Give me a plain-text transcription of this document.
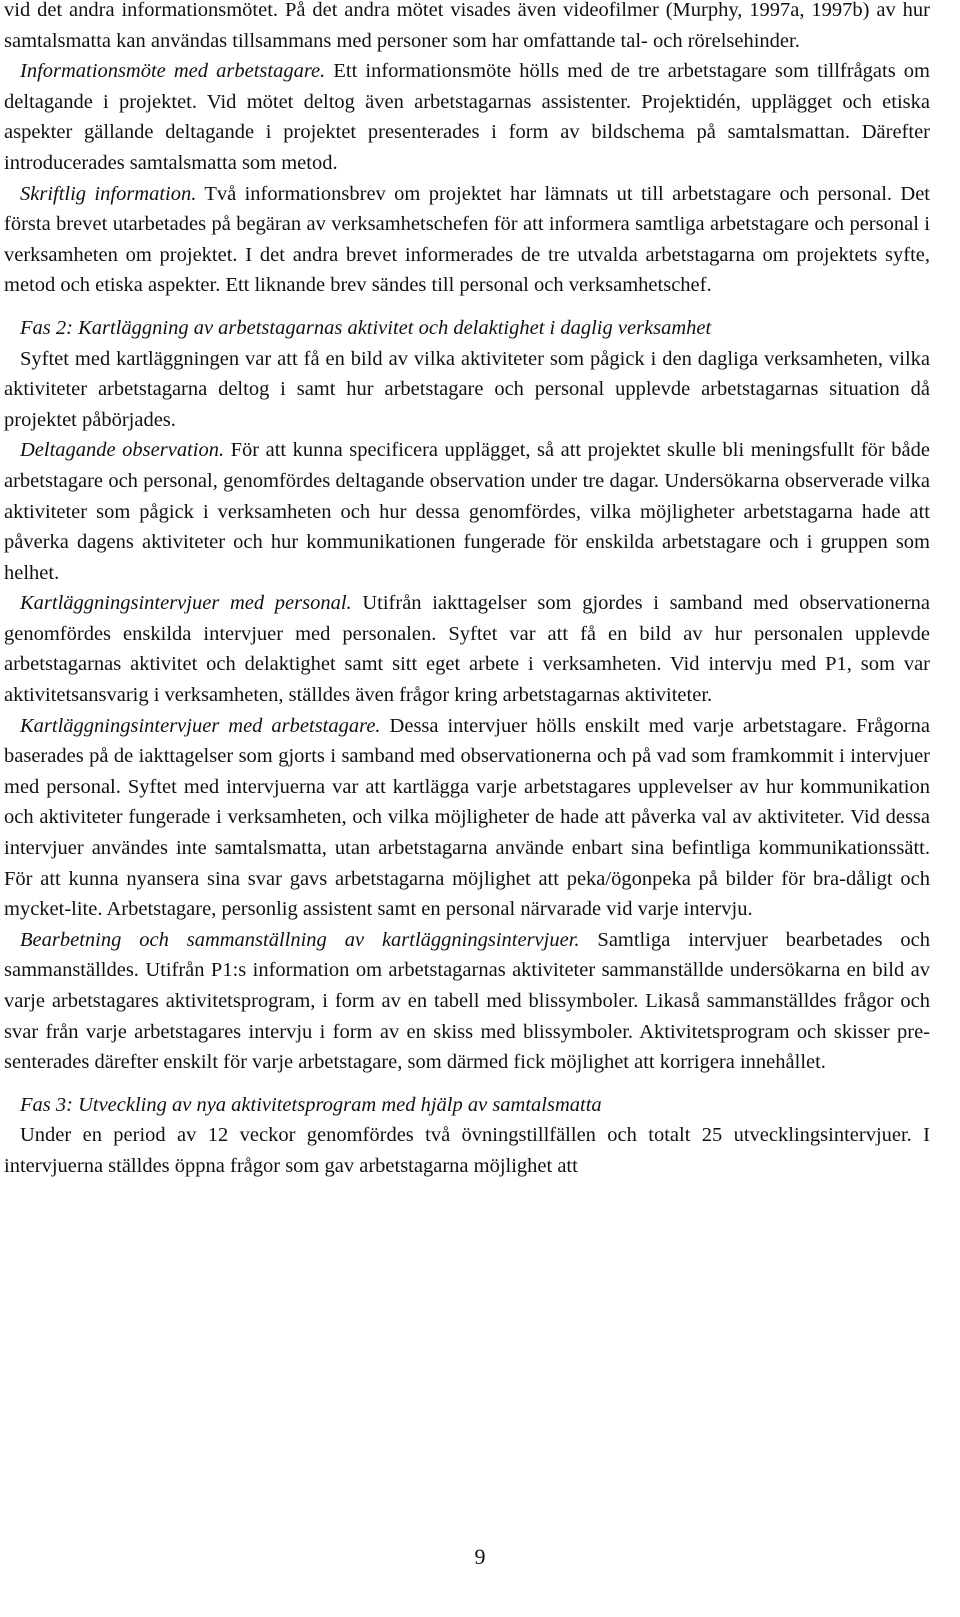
vid det andra informationsmötet. På det andra mötet visades även videofilmer (Murphy, 1997a, 1997b) av hur samtalsmatta kan användas tillsammans med personer som har omfattande tal- och rörelsehinder.

Informationsmöte med arbetstagare. Ett informationsmöte hölls med de tre arbetstagare som tillfrågats om deltagande i projektet. Vid mötet deltog även arbetstagarnas assistenter. Projektidén, upplägget och etiska aspekter gällande deltagande i projektet presenterades i form av bildschema på samtalsmattan. Därefter introducerades samtalsmatta som metod.

Skriftlig information. Två informationsbrev om projektet har lämnats ut till arbetstagare och personal. Det första brevet utarbetades på begäran av verksamhetschefen för att informera samtliga arbetstagare och personal i verksamheten om projektet. I det andra brevet informerades de tre utvalda arbetstagarna om projektets syfte, metod och etiska aspekter. Ett liknande brev sändes till personal och verksamhetschef.

Fas 2: Kartläggning av arbetstagarnas aktivitet och delaktighet i daglig verksamhet

Syftet med kartläggningen var att få en bild av vilka aktiviteter som pågick i den dagliga verksamheten, vilka aktiviteter arbetstagarna deltog i samt hur arbetstagare och personal upplevde arbetstagarnas situation då projektet påbörjades.

Deltagande observation. För att kunna specificera upplägget, så att projektet skulle bli meningsfullt för både arbetstagare och personal, genomfördes deltagande observation under tre dagar. Undersökarna observerade vilka aktiviteter som pågick i verksamheten och hur dessa genomfördes, vilka möjligheter arbetstagarna hade att påverka dagens aktiviteter och hur kommunikationen fungerade för enskilda arbetstagare och i gruppen som helhet.

Kartläggningsintervjuer med personal. Utifrån iakttagelser som gjordes i samband med observationerna genomfördes enskilda intervjuer med personalen. Syftet var att få en bild av hur personalen upplevde arbetstagarnas aktivitet och delaktighet samt sitt eget arbete i verksamheten. Vid intervju med P1, som var aktivitetsansvarig i verksamheten, ställdes även frågor kring arbetstagarnas aktiviteter.

Kartläggningsintervjuer med arbetstagare. Dessa intervjuer hölls enskilt med varje arbetstagare. Frågorna baserades på de iakttagelser som gjorts i samband med observationerna och på vad som framkommit i intervjuer med personal. Syftet med intervjuerna var att kartlägga varje arbetstagares upplevelser av hur kommunikation och aktiviteter fungerade i verksamheten, och vilka möjligheter de hade att påverka val av aktiviteter. Vid dessa intervjuer användes inte samtalsmatta, utan arbetstagarna använde enbart sina befintliga kommunikationssätt. För att kunna nyansera sina svar gavs arbetstagarna möjlighet att peka/ögonpeka på bilder för bra-dåligt och mycket-lite. Arbetstagare, personlig assistent samt en personal närvarade vid varje intervju.

Bearbetning och sammanställning av kartläggningsintervjuer. Samtliga intervjuer bearbetades och sammanställdes. Utifrån P1:s information om arbetstagarnas aktiviteter sammanställde undersökarna en bild av varje arbetstagares aktivitetsprogram, i form av en tabell med blissymboler. Likaså sammanställdes frågor och svar från varje arbetstagares intervju i form av en skiss med blissymboler. Aktivitetsprogram och skisser presenterades därefter enskilt för varje arbetstagare, som därmed fick möjlighet att korrigera innehållet.

Fas 3: Utveckling av nya aktivitetsprogram med hjälp av samtalsmatta

Under en period av 12 veckor genomfördes två övningstillfällen och totalt 25 utvecklingsintervjuer. I intervjuerna ställdes öppna frågor som gav arbetstagarna möjlighet att

9
